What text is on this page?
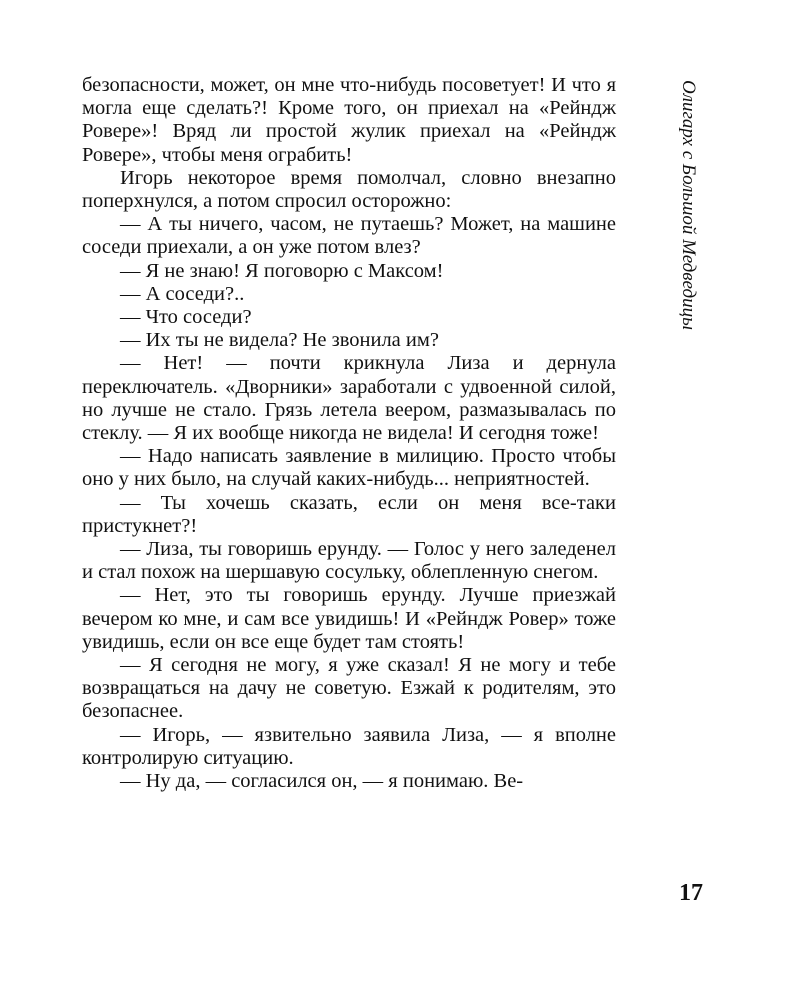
безопасности, может, он мне что-нибудь посоветует! И что я могла еще сделать?! Кроме того, он приехал на «Рейндж Ровере»! Вряд ли простой жулик приехал на «Рейндж Ровере», чтобы меня ограбить!

Игорь некоторое время помолчал, словно внезапно поперхнулся, а потом спросил осторожно:

— А ты ничего, часом, не путаешь? Может, на машине соседи приехали, а он уже потом влез?

— Я не знаю! Я поговорю с Максом!

— А соседи?..

— Что соседи?

— Их ты не видела? Не звонила им?

— Нет! — почти крикнула Лиза и дернула переключатель. «Дворники» заработали с удвоенной силой, но лучше не стало. Грязь летела веером, размазывалась по стеклу. — Я их вообще никогда не видела! И сегодня тоже!

— Надо написать заявление в милицию. Просто чтобы оно у них было, на случай каких-нибудь... неприятностей.

— Ты хочешь сказать, если он меня все-таки пристукнет?!

— Лиза, ты говоришь ерунду. — Голос у него заледенел и стал похож на шершавую сосульку, облепленную снегом.

— Нет, это ты говоришь ерунду. Лучше приезжай вечером ко мне, и сам все увидишь! И «Рейндж Ровер» тоже увидишь, если он все еще будет там стоять!

— Я сегодня не могу, я уже сказал! Я не могу и тебе возвращаться на дачу не советую. Езжай к родителям, это безопаснее.

— Игорь, — язвительно заявила Лиза, — я вполне контролирую ситуацию.

— Ну да, — согласился он, — я понимаю. Ве-

Олигарх с Большой Медведицы
17
